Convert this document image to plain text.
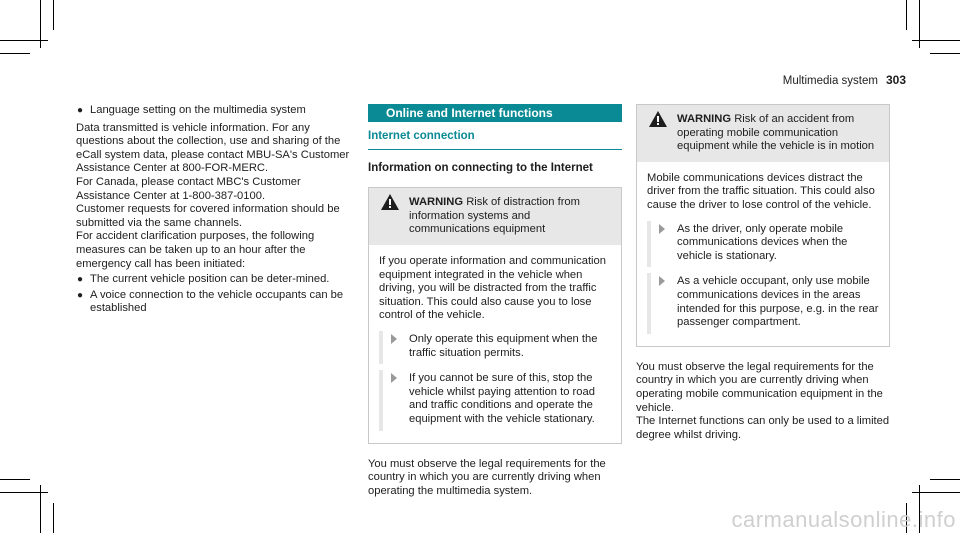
Multimedia system 303
● Language setting on the multimedia system

Data transmitted is vehicle information. For any questions about the collection, use and sharing of the eCall system data, please contact MBU-SA's Customer Assistance Center at 800-FOR-MERC.

For Canada, please contact MBC's Customer Assistance Center at 1-800-387-0100.

Customer requests for covered information should be submitted via the same channels.

For accident clarification purposes, the following measures can be taken up to an hour after the emergency call has been initiated:

● The current vehicle position can be deter-mined.
● A voice connection to the vehicle occupants can be established
Online and Internet functions
Internet connection
Information on connecting to the Internet
WARNING Risk of distraction from information systems and communications equipment

If you operate information and communication equipment integrated in the vehicle when driving, you will be distracted from the traffic situation. This could also cause you to lose control of the vehicle.

Only operate this equipment when the traffic situation permits.
If you cannot be sure of this, stop the vehicle whilst paying attention to road and traffic conditions and operate the equipment with the vehicle stationary.

You must observe the legal requirements for the country in which you are currently driving when operating the multimedia system.

WARNING Risk of an accident from operating mobile communication equipment while the vehicle is in motion

Mobile communications devices distract the driver from the traffic situation. This could also cause the driver to lose control of the vehicle.

As the driver, only operate mobile communications devices when the vehicle is stationary.
As a vehicle occupant, only use mobile communications devices in the areas intended for this purpose, e.g. in the rear passenger compartment.

You must observe the legal requirements for the country in which you are currently driving when operating mobile communication equipment in the vehicle.

The Internet functions can only be used to a limited degree whilst driving.

carmanualsonline.info
